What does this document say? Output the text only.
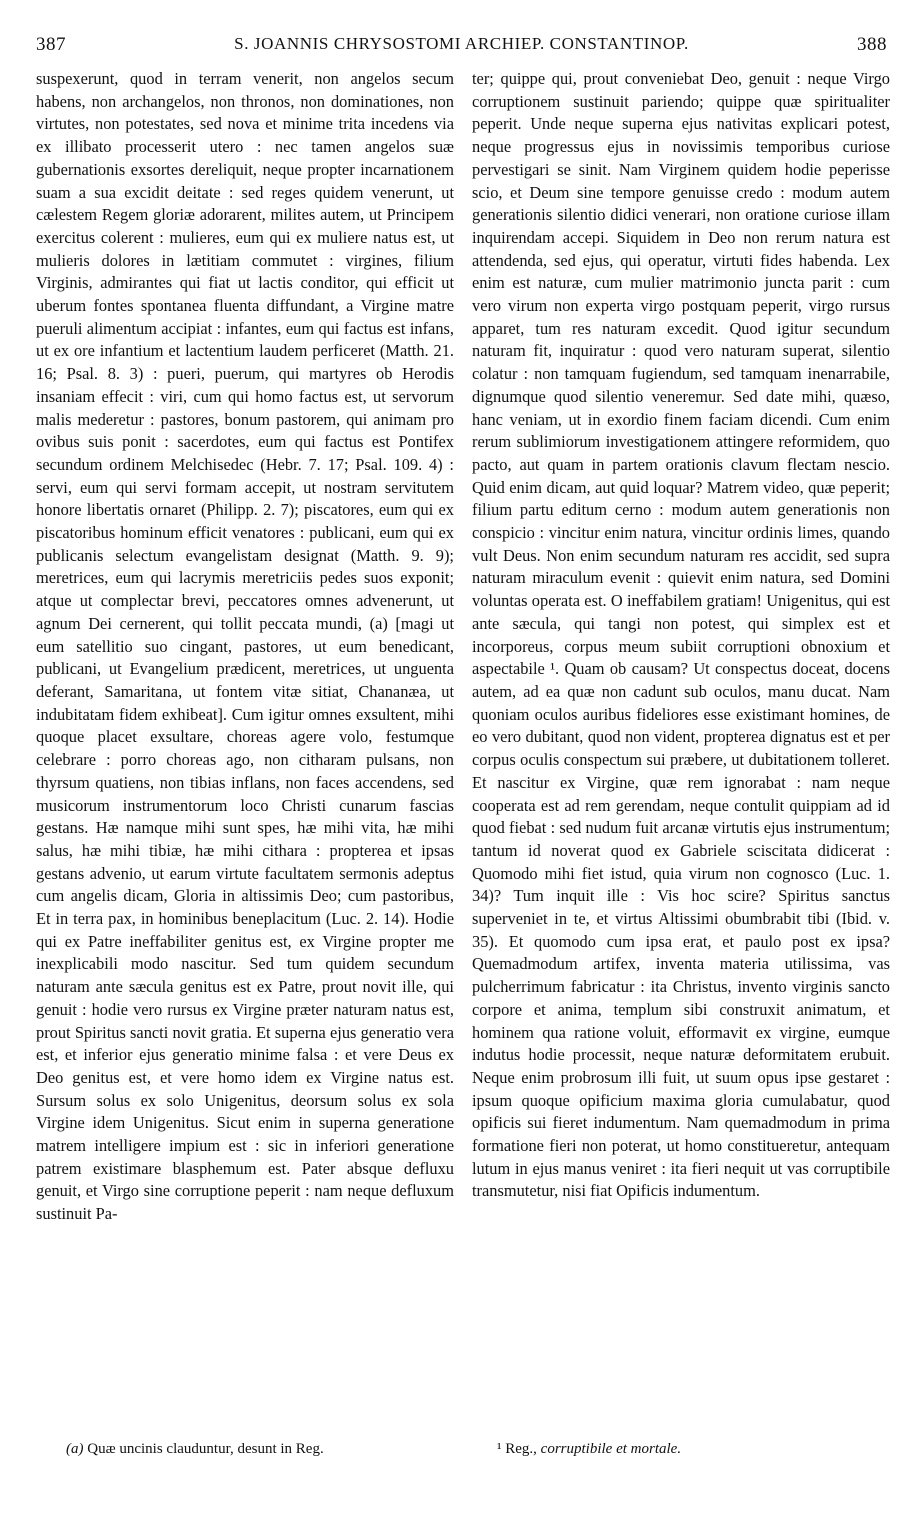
387	S. JOANNIS CHRYSOSTOMI ARCHIEP. CONSTANTINOP.	388

suspexerunt, quod in terram venerit, non angelos secum habens, non archangelos, non thronos, non dominationes, non virtutes, non potestates, sed nova et minime trita incedens via ex illibato processerit utero : nec tamen angelos suæ gubernationis exsortes dereliquit, neque propter incarnationem suam a sua excidit deitate : sed reges quidem venerunt, ut cælestem Regem gloriæ adorarent, milites autem, ut Principem exercitus colerent : mulieres, eum qui ex muliere natus est, ut mulieris dolores in lætitiam commutet : virgines, filium Virginis, admirantes qui fiat ut lactis conditor, qui efficit ut uberum fontes spontanea fluenta diffundant, a Virgine matre pueruli alimentum accipiat : infantes, eum qui factus est infans, ut ex ore infantium et lactentium laudem perficeret (Matth. 21. 16; Psal. 8. 3) : pueri, puerum, qui martyres ob Herodis insaniam effecit : viri, cum qui homo factus est, ut servorum malis mederetur : pastores, bonum pastorem, qui animam pro ovibus suis ponit : sacerdotes, eum qui factus est Pontifex secundum ordinem Melchisedec (Hebr. 7. 17; Psal. 109. 4) : servi, eum qui servi formam accepit, ut nostram servitutem honore libertatis ornaret (Philipp. 2. 7); piscatores, eum qui ex piscatoribus hominum efficit venatores : publicani, eum qui ex publicanis selectum evangelistam designat (Matth. 9. 9); meretrices, eum qui lacrymis meretriciis pedes suos exponit; atque ut complectar brevi, peccatores omnes advenerunt, ut agnum Dei cernerent, qui tollit peccata mundi, (a) [magi ut eum satellitio suo cingant, pastores, ut eum benedicant, publicani, ut Evangelium prædicent, meretrices, ut unguenta deferant, Samaritana, ut fontem vitæ sitiat, Chananæa, ut indubitatam fidem exhibeat]. Cum igitur omnes exsultent, mihi quoque placet exsultare, choreas agere volo, festumque celebrare : porro choreas ago, non citharam pulsans, non thyrsum quatiens, non tibias inflans, non faces accendens, sed musicorum instrumentorum loco Christi cunarum fascias gestans. Hæ namque mihi sunt spes, hæ mihi vita, hæ mihi salus, hæ mihi tibiæ, hæ mihi cithara : propterea et ipsas gestans advenio, ut earum virtute facultatem sermonis adeptus cum angelis dicam, Gloria in altissimis Deo; cum pastoribus, Et in terra pax, in hominibus beneplacitum (Luc. 2. 14). Hodie qui ex Patre ineffabiliter genitus est, ex Virgine propter me inexplicabili modo nascitur. Sed tum quidem secundum naturam ante sæcula genitus est ex Patre, prout novit ille, qui genuit : hodie vero rursus ex Virgine præter naturam natus est, prout Spiritus sancti novit gratia. Et superna ejus generatio vera est, et inferior ejus generatio minime falsa : et vere Deus ex Deo genitus est, et vere homo idem ex Virgine natus est. Sursum solus ex solo Unigenitus, deorsum solus ex sola Virgine idem Unigenitus. Sicut enim in superna generatione matrem intelligere impium est : sic in inferiori generatione patrem existimare blasphemum est. Pater absque defluxu genuit, et Virgo sine corruptione peperit : nam neque defluxum sustinuit Pa-

ter; quippe qui, prout conveniebat Deo, genuit : neque Virgo corruptionem sustinuit pariendo; quippe quæ spiritualiter peperit. Unde neque superna ejus nativitas explicari potest, neque progressus ejus in novissimis temporibus curiose pervestigari se sinit. Nam Virginem quidem hodie peperisse scio, et Deum sine tempore genuisse credo : modum autem generationis silentio didici venerari, non oratione curiose illam inquirendam accepi. Siquidem in Deo non rerum natura est attendenda, sed ejus, qui operatur, virtuti fides habenda. Lex enim est naturæ, cum mulier matrimonio juncta parit : cum vero virum non experta virgo postquam peperit, virgo rursus apparet, tum res naturam excedit. Quod igitur secundum naturam fit, inquiratur : quod vero naturam superat, silentio colatur : non tamquam fugiendum, sed tamquam inenarrabile, dignumque quod silentio veneremur. Sed date mihi, quæso, hanc veniam, ut in exordio finem faciam dicendi. Cum enim rerum sublimiorum investigationem attingere reformidem, quo pacto, aut quam in partem orationis clavum flectam nescio. Quid enim dicam, aut quid loquar? Matrem video, quæ peperit; filium partu editum cerno : modum autem generationis non conspicio : vincitur enim natura, vincitur ordinis limes, quando vult Deus. Non enim secundum naturam res accidit, sed supra naturam miraculum evenit : quievit enim natura, sed Domini voluntas operata est. O ineffabilem gratiam! Unigenitus, qui est ante sæcula, qui tangi non potest, qui simplex est et incorporeus, corpus meum subiit corruptioni obnoxium et aspectabile ¹. Quam ob causam? Ut conspectus doceat, docens autem, ad ea quæ non cadunt sub oculos, manu ducat. Nam quoniam oculos auribus fideliores esse existimant homines, de eo vero dubitant, quod non vident, propterea dignatus est et per corpus oculis conspectum sui præbere, ut dubitationem tolleret. Et nascitur ex Virgine, quæ rem ignorabat : nam neque cooperata est ad rem gerendam, neque contulit quippiam ad id quod fiebat : sed nudum fuit arcanæ virtutis ejus instrumentum; tantum id noverat quod ex Gabriele sciscitata didicerat : Quomodo mihi fiet istud, quia virum non cognosco (Luc. 1. 34)? Tum inquit ille : Vis hoc scire? Spiritus sanctus superveniet in te, et virtus Altissimi obumbrabit tibi (Ibid. v. 35). Et quomodo cum ipsa erat, et paulo post ex ipsa? Quemadmodum artifex, inventa materia utilissima, vas pulcherrimum fabricatur : ita Christus, invento virginis sancto corpore et anima, templum sibi construxit animatum, et hominem qua ratione voluit, efformavit ex virgine, eumque indutus hodie processit, neque naturæ deformitatem erubuit. Neque enim probrosum illi fuit, ut suum opus ipse gestaret : ipsum quoque opificium maxima gloria cumulabatur, quod opificis sui fieret indumentum. Nam quemadmodum in prima formatione fieri non poterat, ut homo constitueretur, antequam lutum in ejus manus veniret : ita fieri nequit ut vas corruptibile transmutetur, nisi fiat Opificis indumentum.

(a) Quæ uncinis clauduntur, desunt in Reg.	¹ Reg., corruptibile et mortale.
